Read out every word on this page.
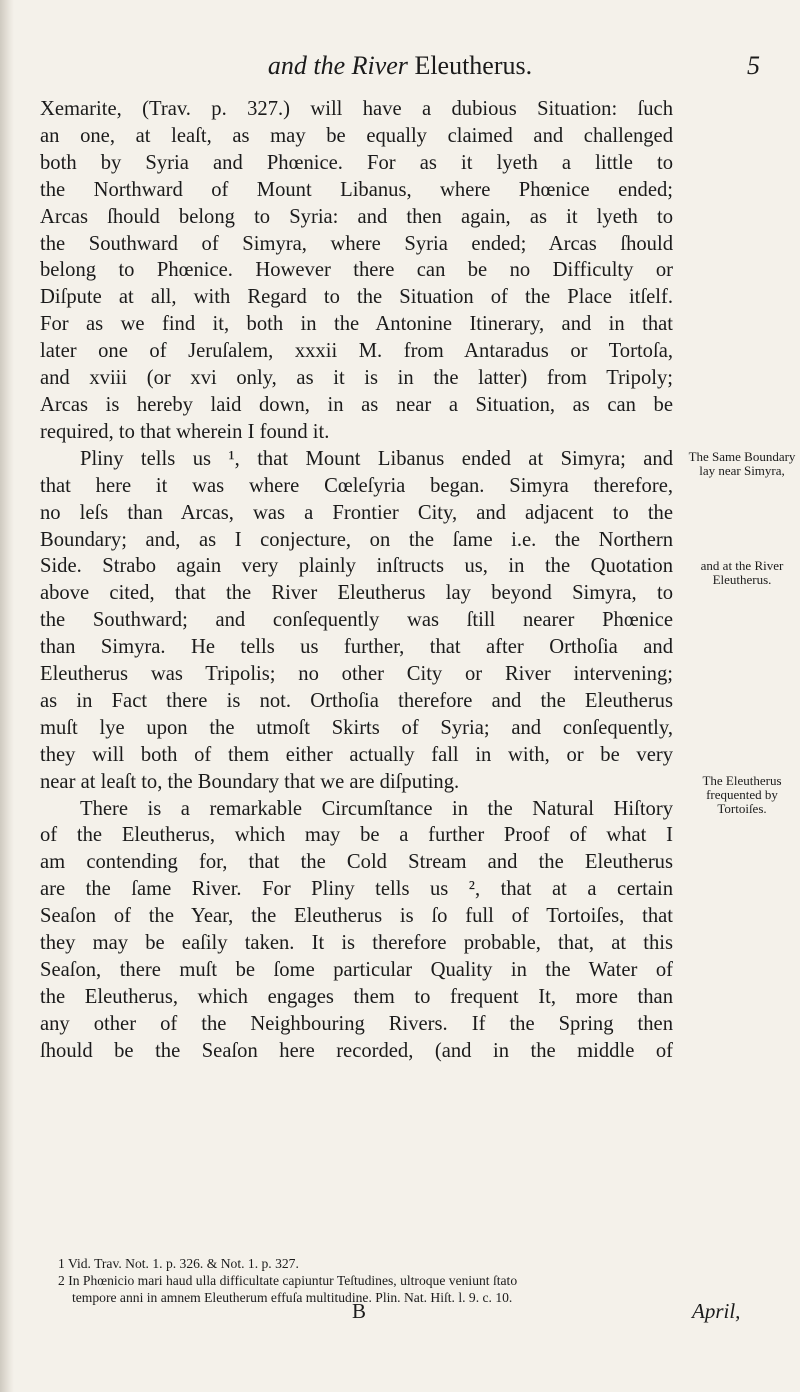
and the River Eleutherus.	5
Xemarite, (Trav. p. 327.) will have a dubious Situation: ſuch
an one, at leaſt, as may be equally claimed and challenged
both by Syria and Phœnice. For as it lyeth a little to
the Northward of Mount Libanus, where Phœnice ended;
Arcas ſhould belong to Syria: and then again, as it lyeth to
the Southward of Simyra, where Syria ended; Arcas ſhould
belong to Phœnice. However there can be no Difficulty or
Diſpute at all, with Regard to the Situation of the Place itſelf.
For as we find it, both in the Antonine Itinerary, and in that
later one of Jeruſalem, xxxii M. from Antaradus or Tortoſa,
and xviii (or xvi only, as it is in the latter) from Tripoly;
Arcas is hereby laid down, in as near a Situation, as can be
required, to that wherein I found it.
Pliny tells us ¹, that Mount Libanus ended at Simyra; and
that here it was where Cœleſyria began. Simyra therefore,
no leſs than Arcas, was a Frontier City, and adjacent to the
Boundary; and, as I conjecture, on the ſame i.e. the Northern
Side. Strabo again very plainly inſtructs us, in the Quotation
above cited, that the River Eleutherus lay beyond Simyra, to
the Southward; and conſequently was ſtill nearer Phœnice
than Simyra. He tells us further, that after Orthoſia and
Eleutherus was Tripolis; no other City or River intervening;
as in Fact there is not. Orthoſia therefore and the Eleutherus
muſt lye upon the utmoſt Skirts of Syria; and conſequently,
they will both of them either actually fall in with, or be very
near at leaſt to, the Boundary that we are diſputing.
There is a remarkable Circumſtance in the Natural Hiſtory
of the Eleutherus, which may be a further Proof of what I
am contending for, that the Cold Stream and the Eleutherus
are the ſame River. For Pliny tells us ², that at a certain
Seaſon of the Year, the Eleutherus is ſo full of Tortoiſes, that
they may be eaſily taken. It is therefore probable, that, at this
Seaſon, there muſt be ſome particular Quality in the Water of
the Eleutherus, which engages them to frequent It, more than
any other of the Neighbouring Rivers. If the Spring then
ſhould be the Seaſon here recorded, (and in the middle of
The Same Boundary lay near Simyra,
and at the River Eleutherus.
The Eleutherus frequented by Tortoiſes.
1 Vid. Trav. Not. 1. p. 326. & Not. 1. p. 327.
2 In Phœnicio mari haud ulla difficultate capiuntur Teſtudines, ultroque veniunt ſtato
tempore anni in amnem Eleutherum effuſa multitudine. Plin. Nat. Hiſt. l. 9. c. 10.
B	April,
